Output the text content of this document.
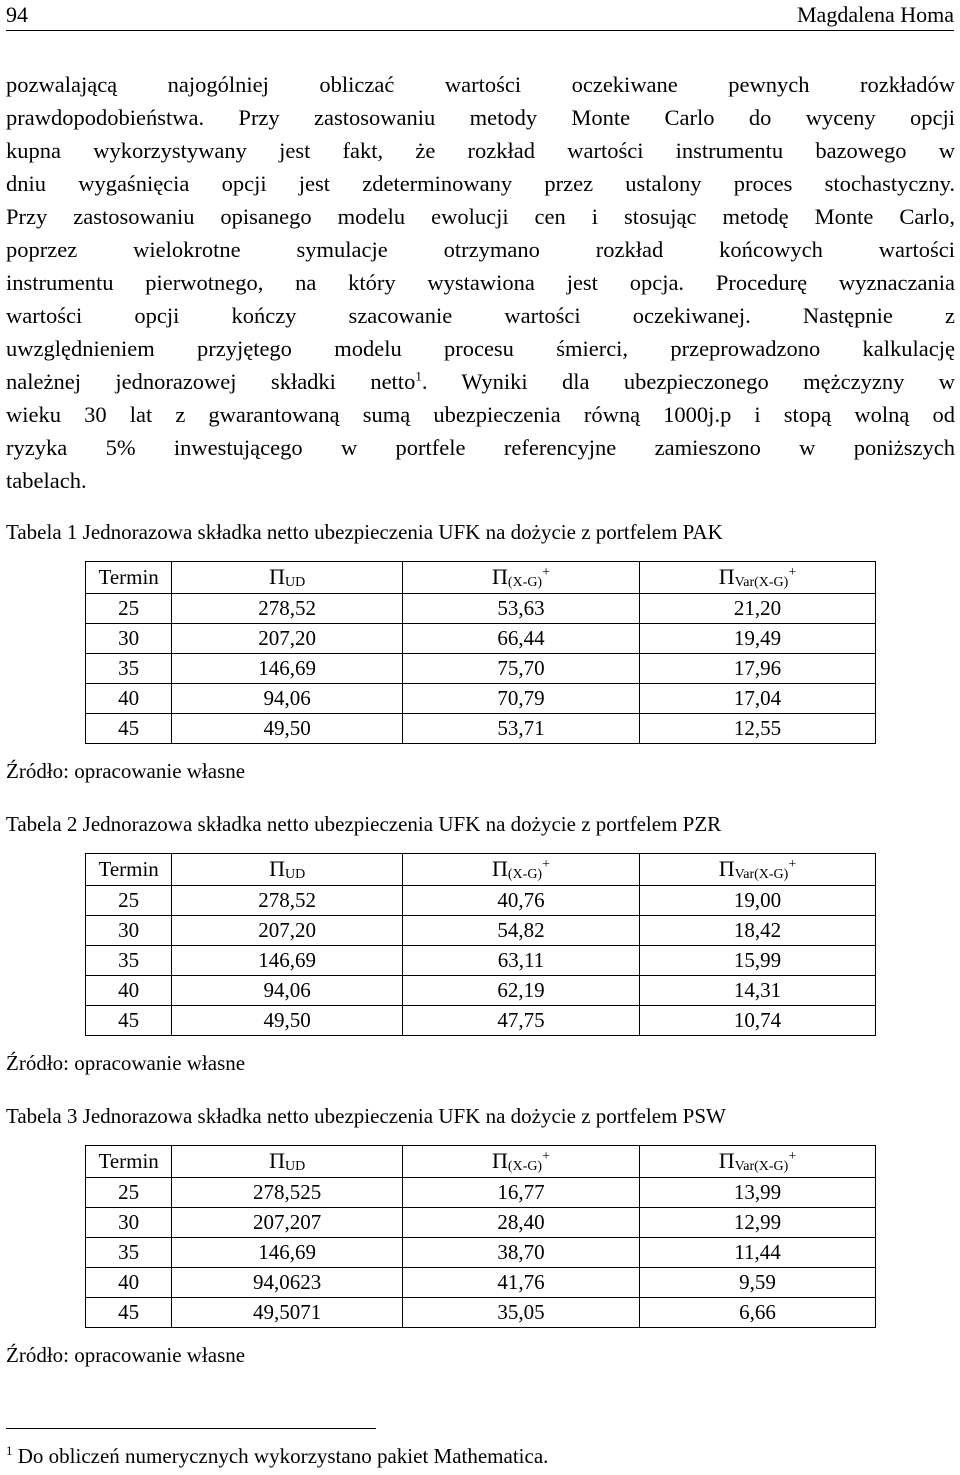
94	Magdalena Homa
pozwalającą najogólniej obliczać wartości oczekiwane pewnych rozkładów
prawdopodobieństwa. Przy zastosowaniu metody Monte Carlo do wyceny opcji
kupna wykorzystywany jest fakt, że rozkład wartości instrumentu bazowego w
dniu wygaśnięcia opcji jest zdeterminowany przez ustalony proces stochastyczny.
Przy zastosowaniu opisanego modelu ewolucji cen i stosując metodę Monte Carlo,
poprzez wielokrotne symulacje otrzymano rozkład końcowych wartości
instrumentu pierwotnego, na który wystawiona jest opcja. Procedurę wyznaczania
wartości opcji kończy szacowanie wartości oczekiwanej. Następnie z
uwzględnieniem przyjętego modelu procesu śmierci, przeprowadzono kalkulację
należnej jednorazowej składki netto$^1$. Wyniki dla ubezpieczonego mężczyzny w
wieku 30 lat z gwarantowaną sumą ubezpieczenia równą 1000j.p i stopą wolną od
ryzyka 5% inwestującego w portfele referencyjne zamieszono w poniższych
tabelach.
Tabela 1 Jednorazowa składka netto ubezpieczenia UFK na dożycie z portfelem PAK
Termin	ΠUD	Π(X-G)+	ΠVar(X-G)+
25	278,52	53,63	21,20
30	207,20	66,44	19,49
35	146,69	75,70	17,96
40	94,06	70,79	17,04
45	49,50	53,71	12,55
Źródło: opracowanie własne
Tabela 2 Jednorazowa składka netto ubezpieczenia UFK na dożycie z portfelem PZR
Termin	ΠUD	Π(X-G)+	ΠVar(X-G)+
25	278,52	40,76	19,00
30	207,20	54,82	18,42
35	146,69	63,11	15,99
40	94,06	62,19	14,31
45	49,50	47,75	10,74
Źródło: opracowanie własne
Tabela 3 Jednorazowa składka netto ubezpieczenia UFK na dożycie z portfelem PSW
Termin	ΠUD	Π(X-G)+	ΠVar(X-G)+
25	278,525	16,77	13,99
30	207,207	28,40	12,99
35	146,69	38,70	11,44
40	94,0623	41,76	9,59
45	49,5071	35,05	6,66
Źródło: opracowanie własne
$^1$ Do obliczeń numerycznych wykorzystano pakiet Mathematica.
